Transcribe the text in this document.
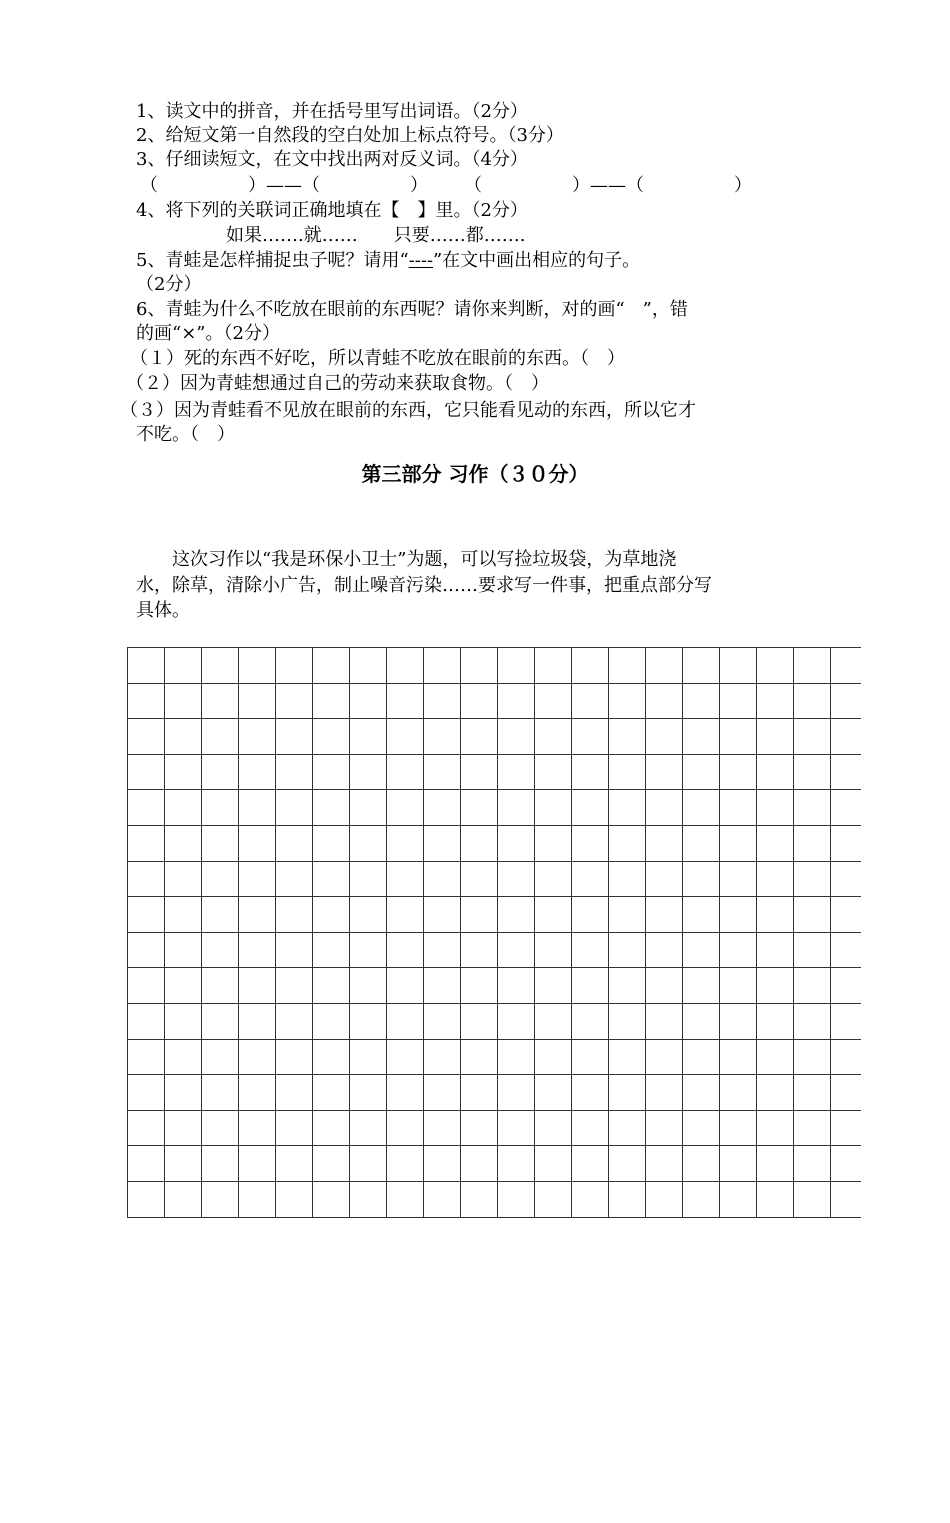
1、读文中的拼音，并在括号里写出词语。（2分）
2、给短文第一自然段的空白处加上标点符号。（3分）
3、仔细读短文，在文中找出两对反义词。（4分）
（　　　　　）——（　　　　　）　　　（　　　　　）——（　　　　　）
4、将下列的关联词正确地填在【　】里。（2分）
如果…….就……　　只要……都…….
5、青蛙是怎样捕捉虫子呢？请用“----”在文中画出相应的句子。
（2分）
6、青蛙为什么不吃放在眼前的东西呢？请你来判断，对的画“　”，错
的画“×”。（2分）
（１）死的东西不好吃，所以青蛙不吃放在眼前的东西。（　）
（２）因为青蛙想通过自己的劳动来获取食物。（　）
（３）因为青蛙看不见放在眼前的东西，它只能看见动的东西，所以它才
不吃。（　）
第三部分 习作（３０分）
　　这次习作以“我是环保小卫士”为题，可以写捡垃圾袋，为草地浇
水，除草，清除小广告，制止噪音污染……要求写一件事，把重点部分写
具体。
